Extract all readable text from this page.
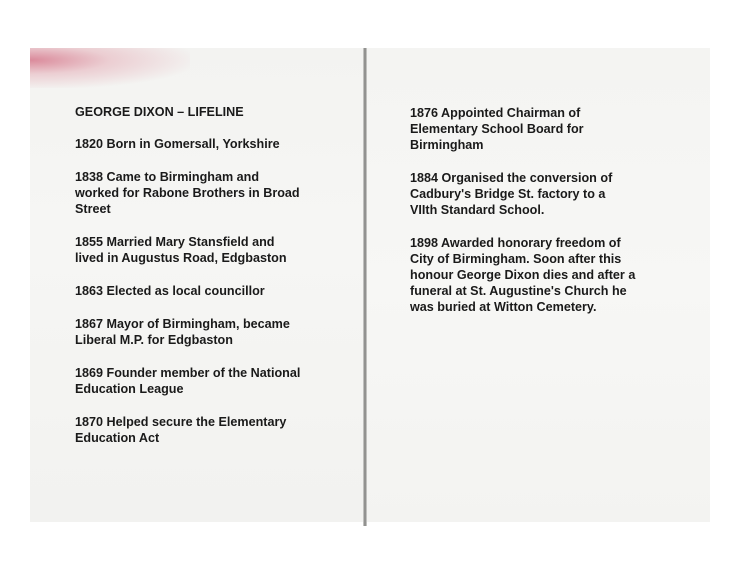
GEORGE DIXON – LIFELINE

1820 Born in Gomersall, Yorkshire

1838 Came to Birmingham and

worked for Rabone Brothers in Broad

Street

1855 Married Mary Stansfield and

lived in Augustus Road, Edgbaston

1863 Elected as local councillor

1867 Mayor of Birmingham, became

Liberal M.P. for Edgbaston

1869 Founder member of the National

Education League

1870 Helped secure the Elementary

Education Act

1876 Appointed Chairman of

Elementary School Board for

Birmingham

1884 Organised the conversion of

Cadbury's Bridge St. factory to a

VIIth Standard School.

1898 Awarded honorary freedom of

City of Birmingham. Soon after this

honour George Dixon dies and after a

funeral at St. Augustine's Church he

was buried at Witton Cemetery.
